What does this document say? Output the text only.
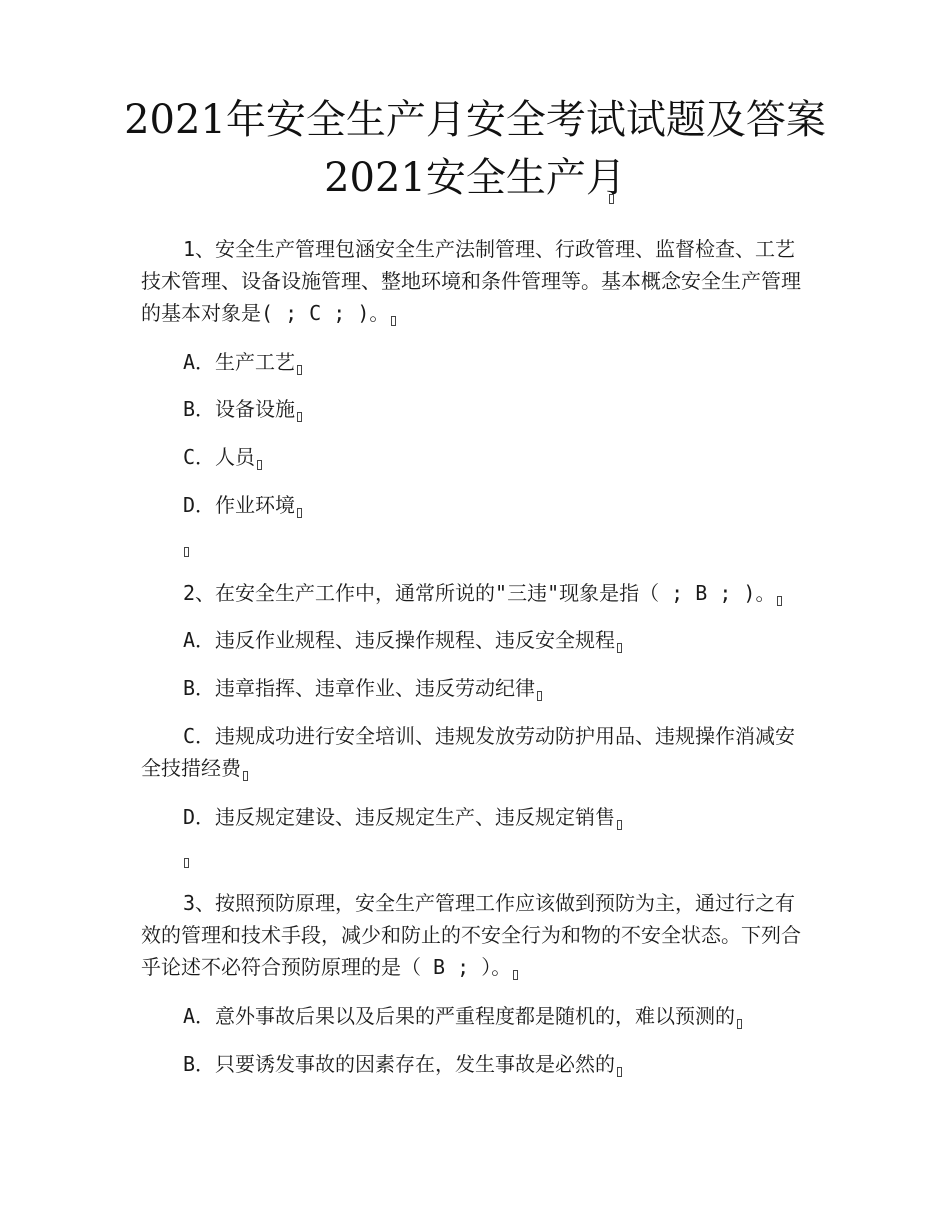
2021年安全生产月安全考试试题及答案
2021安全生产月
1、安全生产管理包涵安全生产法制管理、行政管理、监督检查、工艺技术管理、设备设施管理、整地环境和条件管理等。基本概念安全生产管理的基本对象是( ; C ; )。
A．生产工艺
B．设备设施
C．人员
D．作业环境
2、在安全生产工作中，通常所说的"三违"现象是指（ ; B ; )。
A．违反作业规程、违反操作规程、违反安全规程
B．违章指挥、违章作业、违反劳动纪律
C．违规成功进行安全培训、违规发放劳动防护用品、违规操作消减安全技措经费
D．违反规定建设、违反规定生产、违反规定销售
3、按照预防原理，安全生产管理工作应该做到预防为主，通过行之有效的管理和技术手段，减少和防止的不安全行为和物的不安全状态。下列合乎论述不必符合预防原理的是（ B ; ）。
A．意外事故后果以及后果的严重程度都是随机的，难以预测的
B．只要诱发事故的因素存在，发生事故是必然的
